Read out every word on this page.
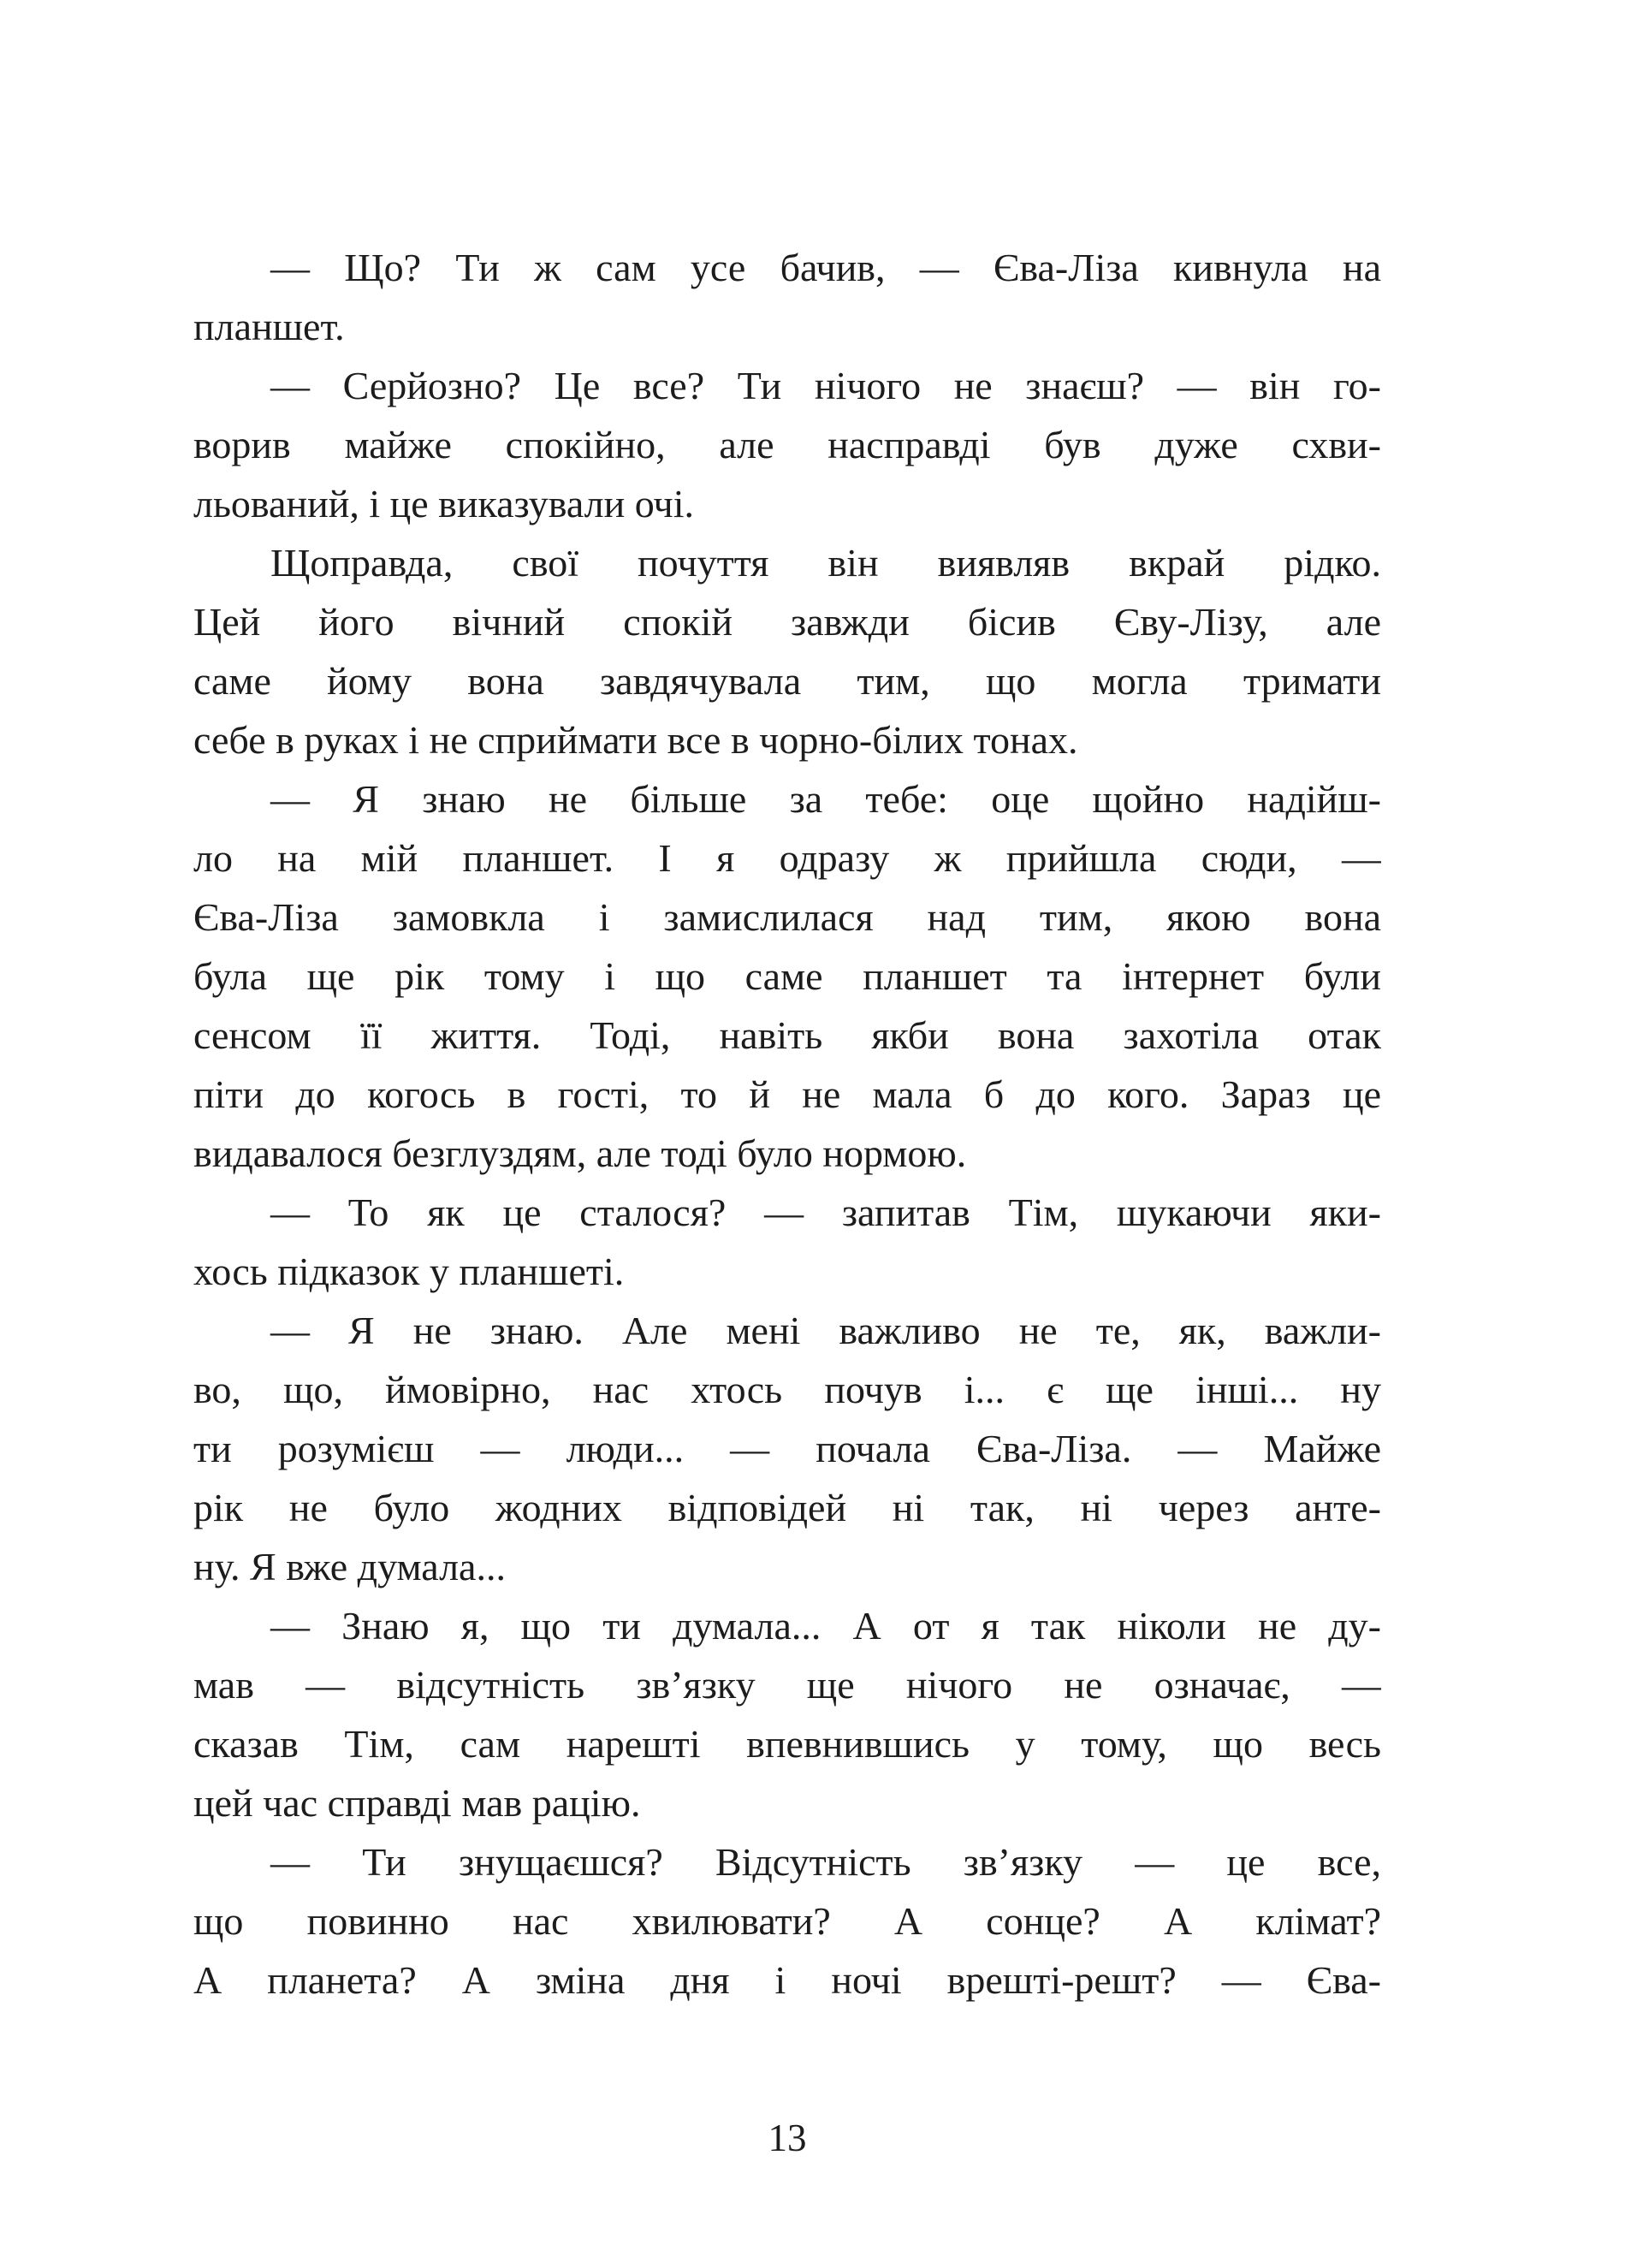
— Що? Ти ж сам усе бачив, — Єва-Ліза кивнула на
планшет.
— Серйозно? Це все? Ти нічого не знаєш? — він го-
ворив майже спокійно, але насправді був дуже схви-
льований, і це виказували очі.
Щоправда, свої почуття він виявляв вкрай рідко.
Цей його вічний спокій завжди бісив Єву-Лізу, але
саме йому вона завдячувала тим, що могла тримати
себе в руках і не сприймати все в чорно-білих тонах.
— Я знаю не більше за тебе: оце щойно надійш-
ло на мій планшет. І я одразу ж прийшла сюди, —
Єва-Ліза замовкла і замислилася над тим, якою вона
була ще рік тому і що саме планшет та інтернет були
сенсом її життя. Тоді, навіть якби вона захотіла отак
піти до когось в гості, то й не мала б до кого. Зараз це
видавалося безглуздям, але тоді було нормою.
— То як це сталося? — запитав Тім, шукаючи яки-
хось підказок у планшеті.
— Я не знаю. Але мені важливо не те, як, важли-
во, що, ймовірно, нас хтось почув і... є ще інші... ну
ти розумієш — люди... — почала Єва-Ліза. — Майже
рік не було жодних відповідей ні так, ні через анте-
ну. Я вже думала...
— Знаю я, що ти думала... А от я так ніколи не ду-
мав — відсутність зв’язку ще нічого не означає, —
сказав Тім, сам нарешті впевнившись у тому, що весь
цей час справді мав рацію.
— Ти знущаєшся? Відсутність зв’язку — це все,
що повинно нас хвилювати? А сонце? А клімат?
А планета? А зміна дня і ночі врешті-решт? — Єва-
13
